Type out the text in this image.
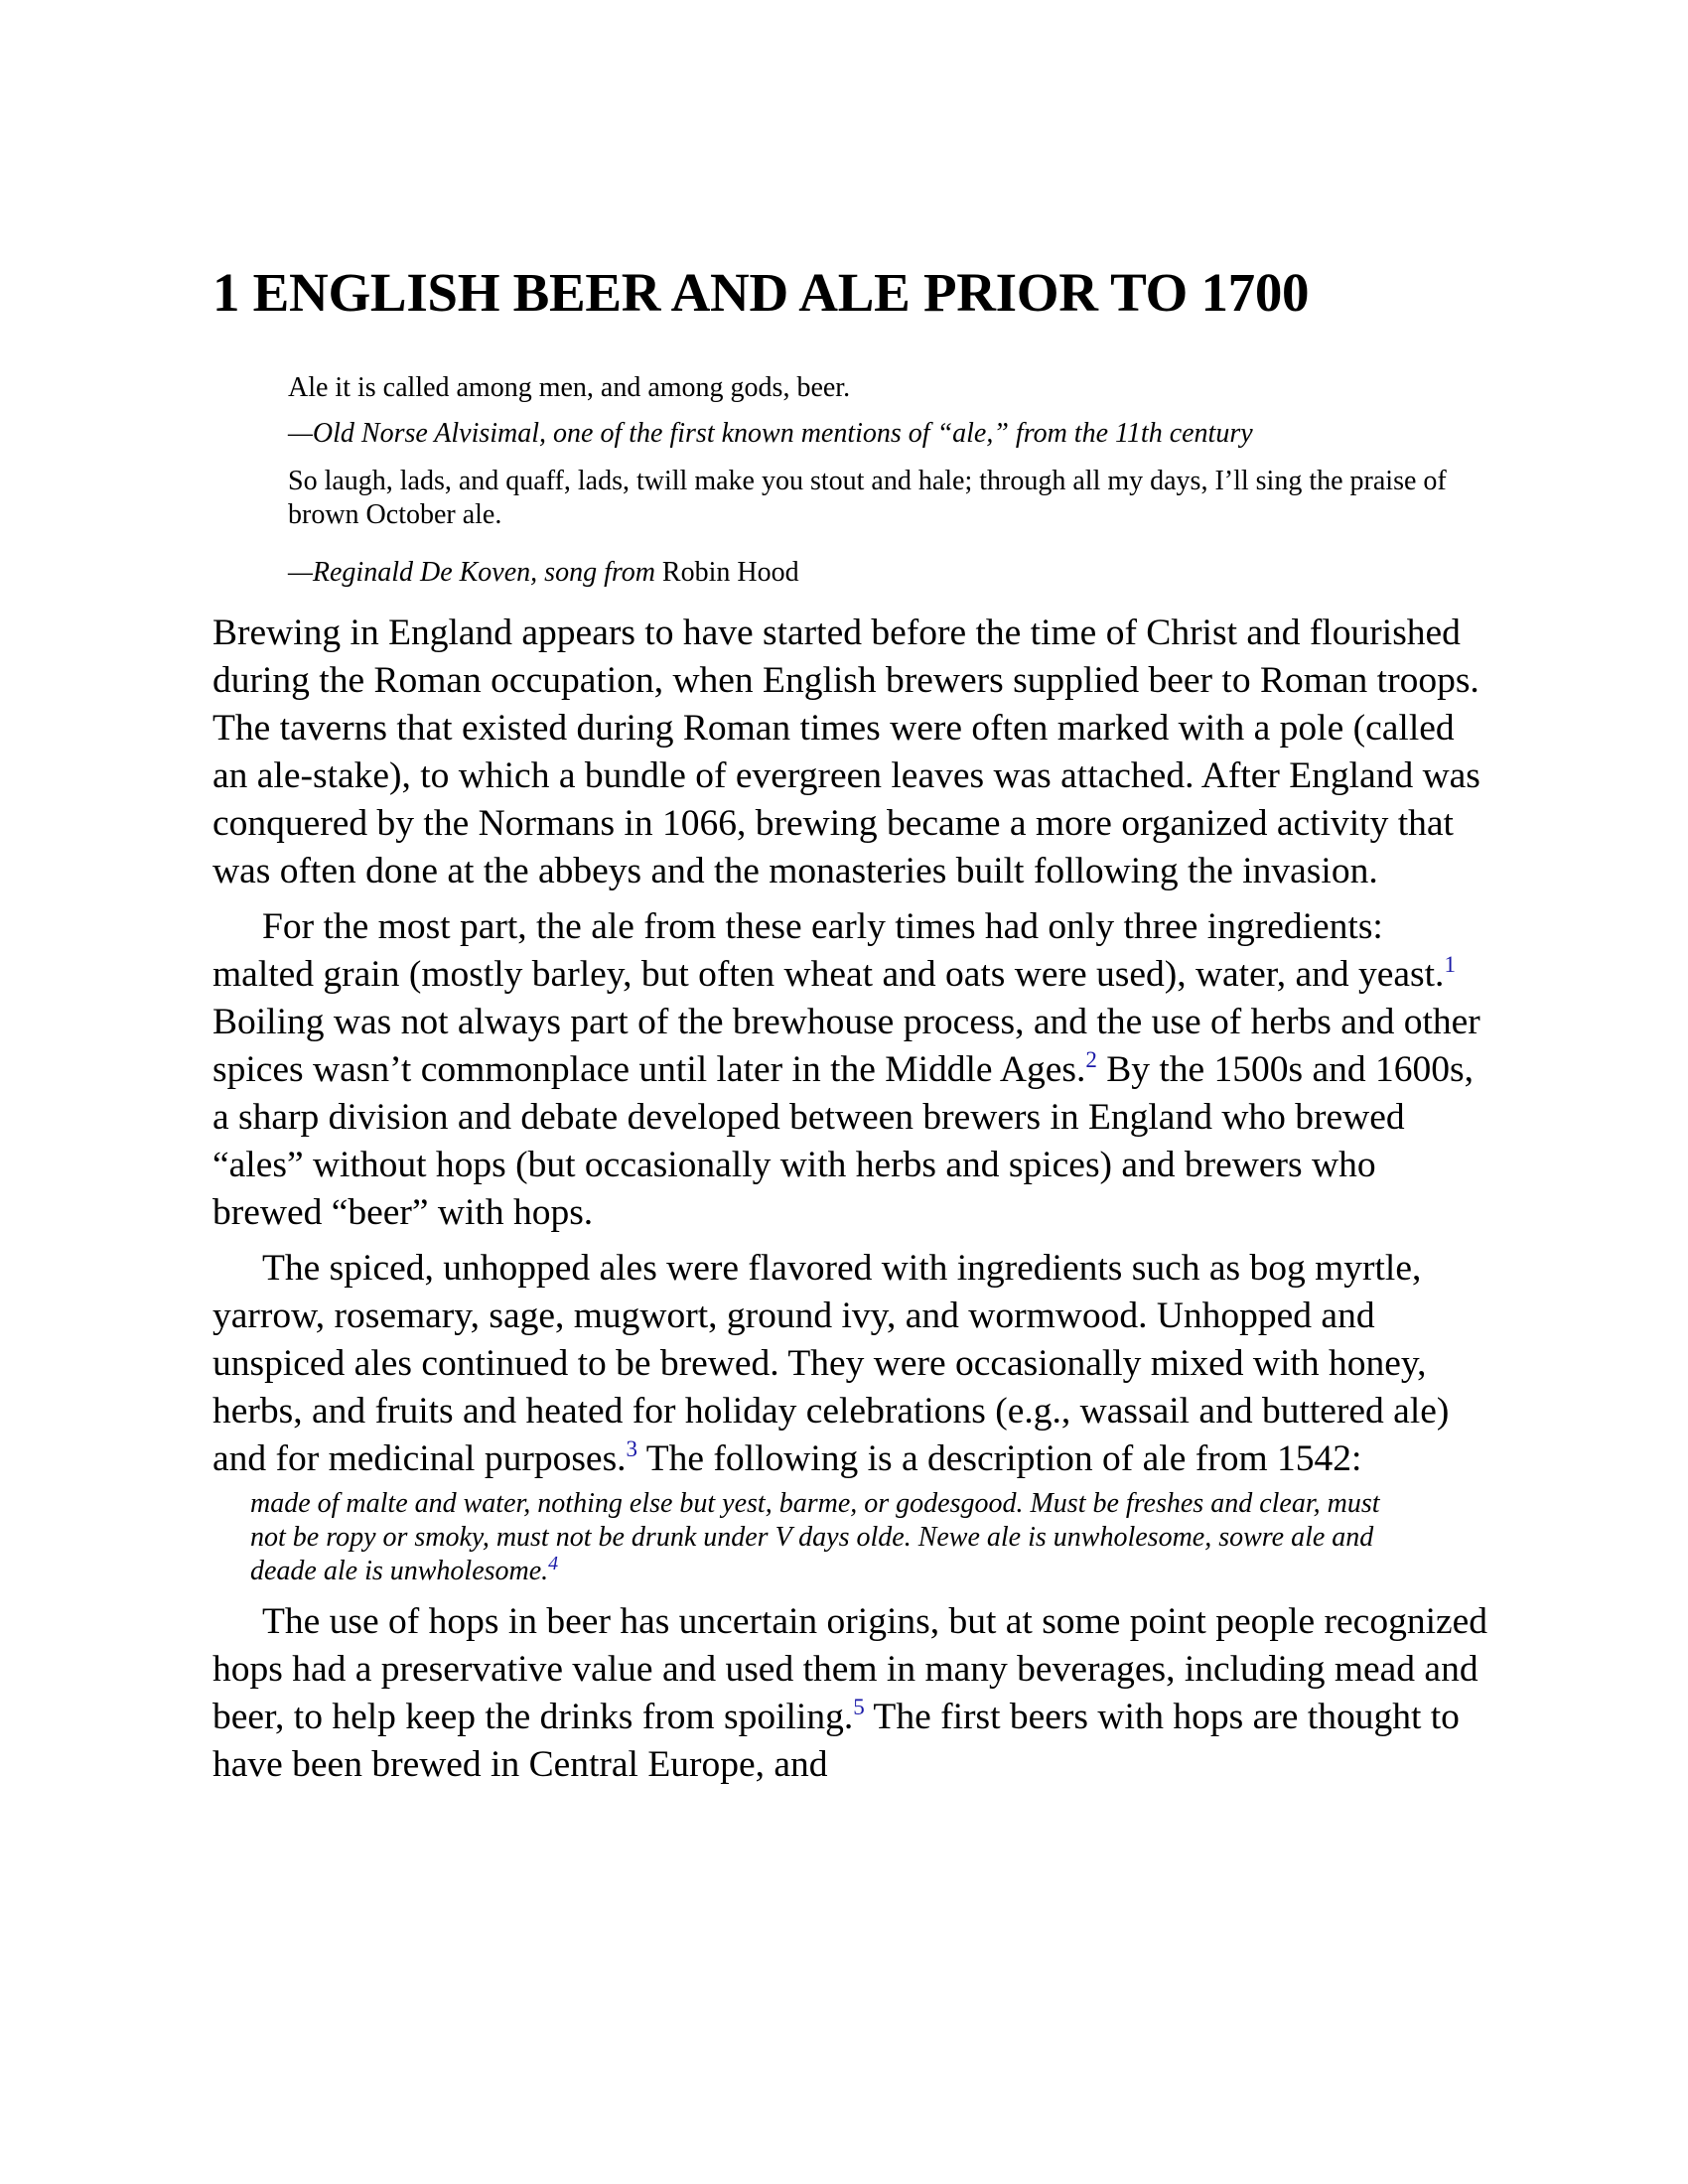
1 ENGLISH BEER AND ALE PRIOR TO 1700

Ale it is called among men, and among gods, beer.

—Old Norse Alvisimal, one of the first known mentions of “ale,” from the 11th century

So laugh, lads, and quaff, lads, twill make you stout and hale; through all my days, I’ll sing the praise of brown October ale.

—Reginald De Koven, song from Robin Hood

Brewing in England appears to have started before the time of Christ and flourished during the Roman occupation, when English brewers supplied beer to Roman troops. The taverns that existed during Roman times were often marked with a pole (called an ale-stake), to which a bundle of evergreen leaves was attached. After England was conquered by the Normans in 1066, brewing became a more organized activity that was often done at the abbeys and the monasteries built following the invasion.

For the most part, the ale from these early times had only three ingredients: malted grain (mostly barley, but often wheat and oats were used), water, and yeast.$^1$ Boiling was not always part of the brewhouse process, and the use of herbs and other spices wasn’t commonplace until later in the Middle Ages.$^2$ By the 1500s and 1600s, a sharp division and debate developed between brewers in England who brewed “ales” without hops (but occasionally with herbs and spices) and brewers who brewed “beer” with hops.

The spiced, unhopped ales were flavored with ingredients such as bog myrtle, yarrow, rosemary, sage, mugwort, ground ivy, and wormwood. Unhopped and unspiced ales continued to be brewed. They were occasionally mixed with honey, herbs, and fruits and heated for holiday celebrations (e.g., wassail and buttered ale) and for medicinal purposes.$^3$ The following is a description of ale from 1542:

made of malte and water, nothing else but yest, barme, or godesgood. Must be freshes and clear, must not be ropy or smoky, must not be drunk under V days olde. Newe ale is unwholesome, sowre ale and deade ale is unwholesome.$^4$

The use of hops in beer has uncertain origins, but at some point people recognized hops had a preservative value and used them in many beverages, including mead and beer, to help keep the drinks from spoiling.$^5$ The first beers with hops are thought to have been brewed in Central Europe, and
